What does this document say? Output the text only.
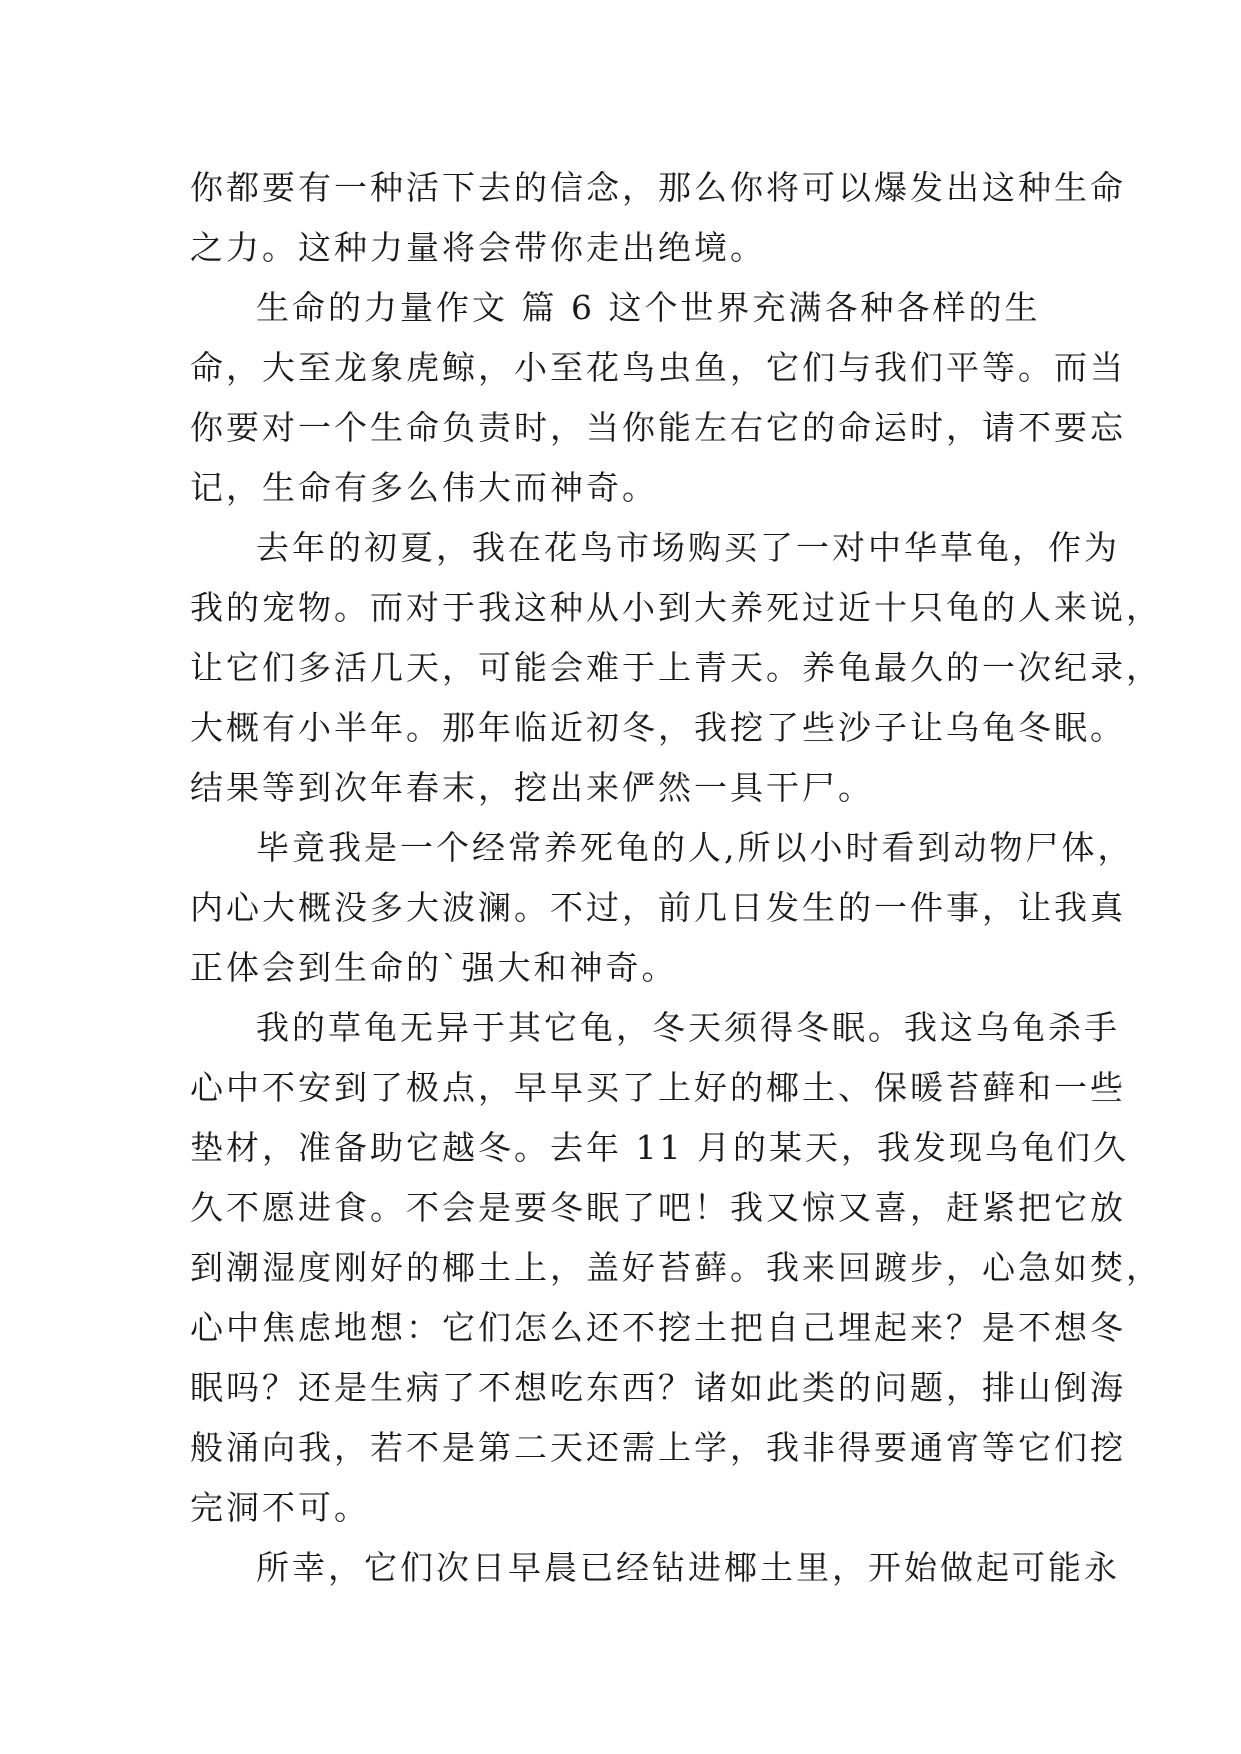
你都要有一种活下去的信念，那么你将可以爆发出这种生命
之力。这种力量将会带你走出绝境。
生命的力量作文 篇 6 这个世界充满各种各样的生
命，大至龙象虎鲸，小至花鸟虫鱼，它们与我们平等。而当
你要对一个生命负责时，当你能左右它的命运时，请不要忘
记，生命有多么伟大而神奇。
去年的初夏，我在花鸟市场购买了一对中华草龟，作为
我的宠物。而对于我这种从小到大养死过近十只龟的人来说，
让它们多活几天，可能会难于上青天。养龟最久的一次纪录，
大概有小半年。那年临近初冬，我挖了些沙子让乌龟冬眠。
结果等到次年春末，挖出来俨然一具干尸。
毕竟我是一个经常养死龟的人,所以小时看到动物尸体，
内心大概没多大波澜。不过，前几日发生的一件事，让我真
正体会到生命的`强大和神奇。
我的草龟无异于其它龟，冬天须得冬眠。我这乌龟杀手
心中不安到了极点，早早买了上好的椰土、保暖苔藓和一些
垫材，准备助它越冬。去年 11 月的某天，我发现乌龟们久
久不愿进食。不会是要冬眠了吧！我又惊又喜，赶紧把它放
到潮湿度刚好的椰土上，盖好苔藓。我来回踱步，心急如焚，
心中焦虑地想：它们怎么还不挖土把自己埋起来？是不想冬
眠吗？还是生病了不想吃东西？诸如此类的问题，排山倒海
般涌向我，若不是第二天还需上学，我非得要通宵等它们挖
完洞不可。
所幸，它们次日早晨已经钻进椰土里，开始做起可能永
